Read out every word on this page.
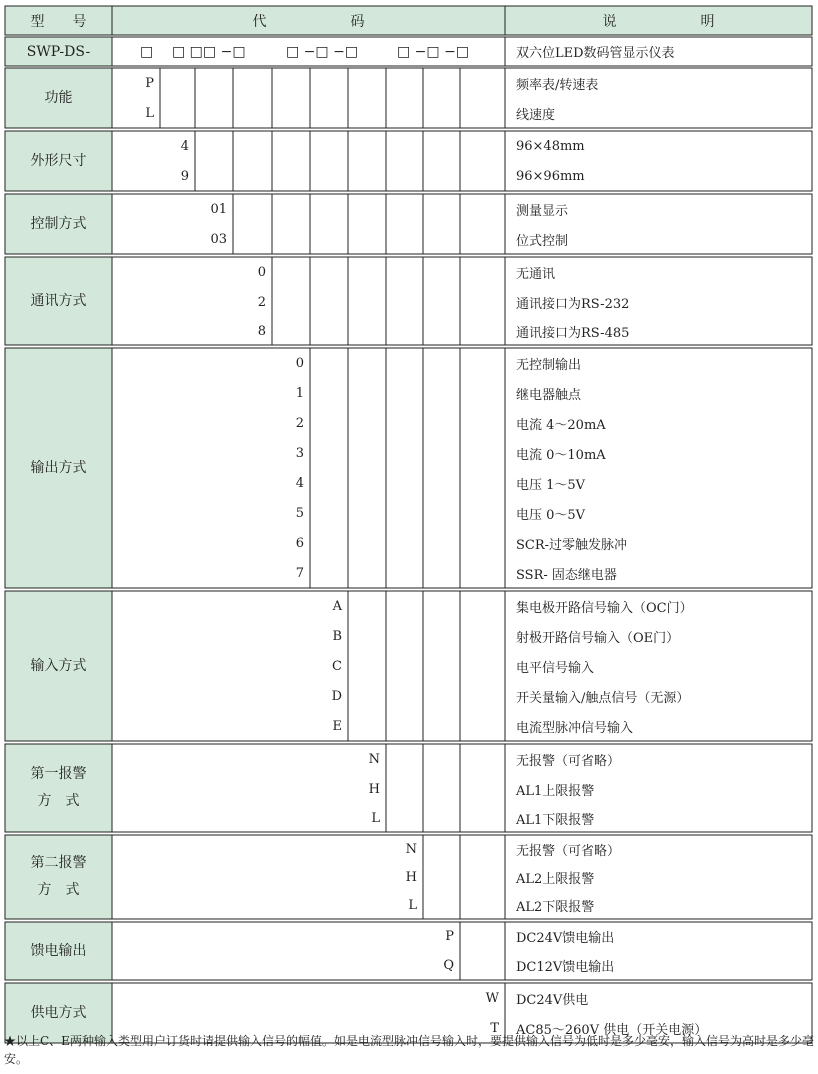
型　　号	代　　　　　　码	说　　　　　　明
SWP-DS-	□	□ □□ −□	□ −□ −□	□ −□ −□	双六位LED数码管显示仪表
功能
P	频率表/转速表
L	线速度
外形尺寸
4	96×48mm
9	96×96mm
控制方式
01	测量显示
03	位式控制
通讯方式
0	无通讯
2	通讯接口为RS-232
8	通讯接口为RS-485
输出方式
0	无控制输出
1	继电器触点
2	电流 4～20mA
3	电流 0～10mA
4	电压 1～5V
5	电压 0～5V
6	SCR-过零触发脉冲
7	SSR- 固态继电器
输入方式
A	集电极开路信号输入（OC门）
B	射极开路信号输入（OE门）
C	电平信号输入
D	开关量输入/触点信号（无源）
E	电流型脉冲信号输入
第一报警
方　式
N	无报警（可省略）
H	AL1上限报警
L	AL1下限报警
第二报警
方　式
N	无报警（可省略）
H	AL2上限报警
L	AL2下限报警
馈电输出
P	DC24V馈电输出
Q	DC12V馈电输出
供电方式
W	DC24V供电
T	AC85～260V 供电（开关电源）
★以上C、E两种输入类型用户订货时请提供输入信号的幅值。如是电流型脉冲信号输入时，要提供输入信号为低时是多少毫安，输入信号为高时是多少毫安。
